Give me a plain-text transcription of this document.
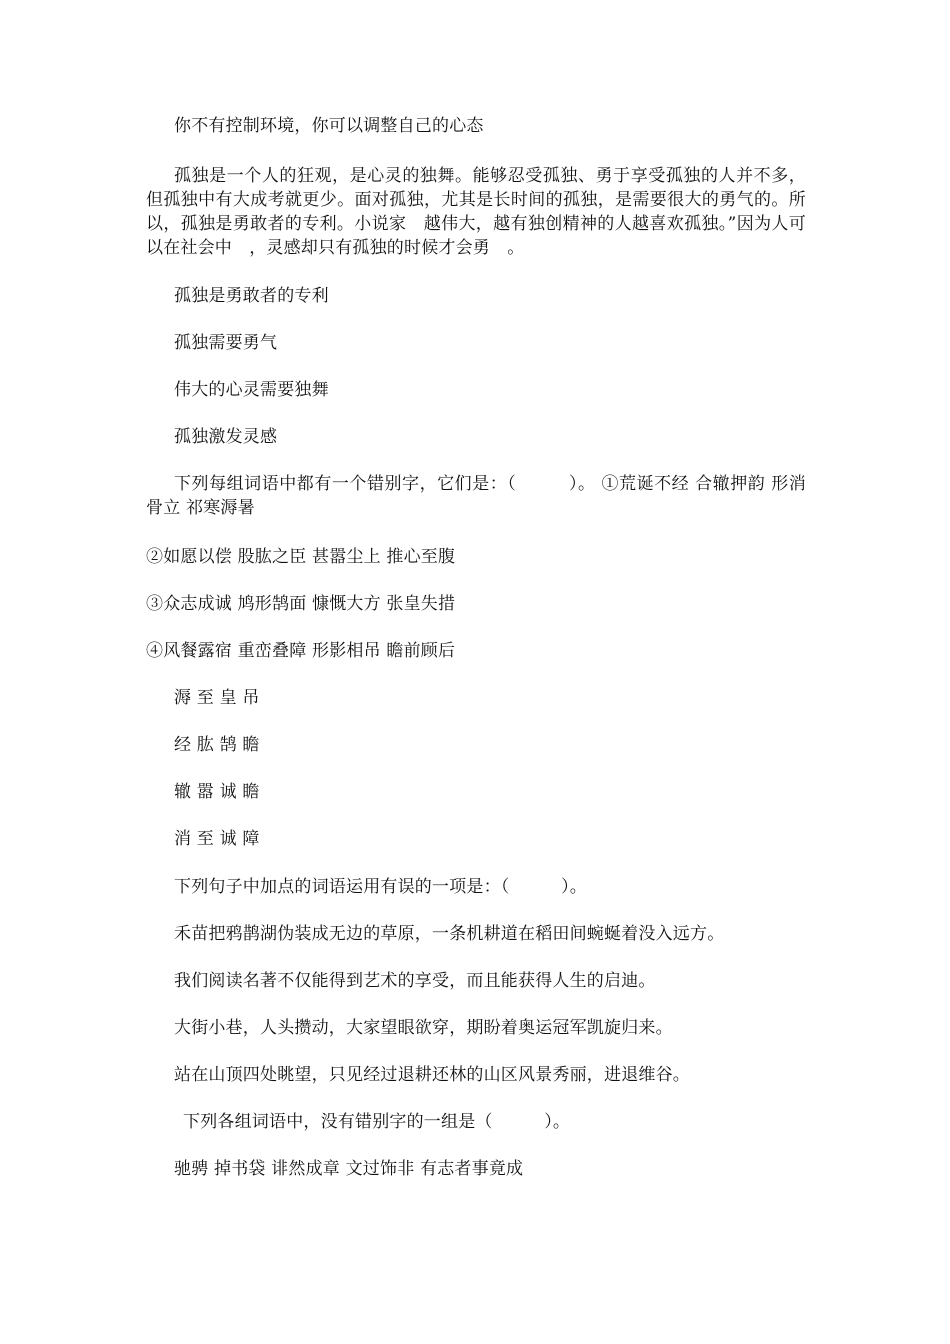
你不有控制环境，你可以调整自己的心态
孤独是一个人的狂观，是心灵的独舞。能够忍受孤独、勇于享受孤独的人并不多，但孤独中有大成考就更少。面对孤独，尤其是长时间的孤独，是需要很大的勇气的。所以，孤独是勇敢者的专利。小说家　越伟大，越有独创精神的人越喜欢孤独。”因为人可以在社会中　，灵感却只有孤独的时候才会勇　。
孤独是勇敢者的专利
孤独需要勇气
伟大的心灵需要独舞
孤独激发灵感
下列每组词语中都有一个错别字，它们是：（　　　）。 ①荒诞不经 合辙押韵 形消骨立 祁寒溽暑
②如愿以偿 股肱之臣 甚嚣尘上 推心至腹
③众志成诚 鸠形鹄面 慷慨大方 张皇失措
④风餐露宿 重峦叠障 形影相吊 瞻前顾后
溽 至 皇 吊
经 肱 鹄 瞻
辙 嚣 诚 瞻
消 至 诚 障
下列句子中加点的词语运用有误的一项是：（　　　）。
禾苗把鸦鹊湖伪装成无边的草原，一条机耕道在稻田间蜿蜒着没入远方。
我们阅读名著不仅能得到艺术的享受，而且能获得人生的启迪。
大街小巷，人头攒动，大家望眼欲穿，期盼着奥运冠军凯旋归来。
站在山顶四处眺望，只见经过退耕还林的山区风景秀丽，进退维谷。
下列各组词语中，没有错别字的一组是（　　　）。
驰骋 掉书袋 诽然成章 文过饰非 有志者事竟成
